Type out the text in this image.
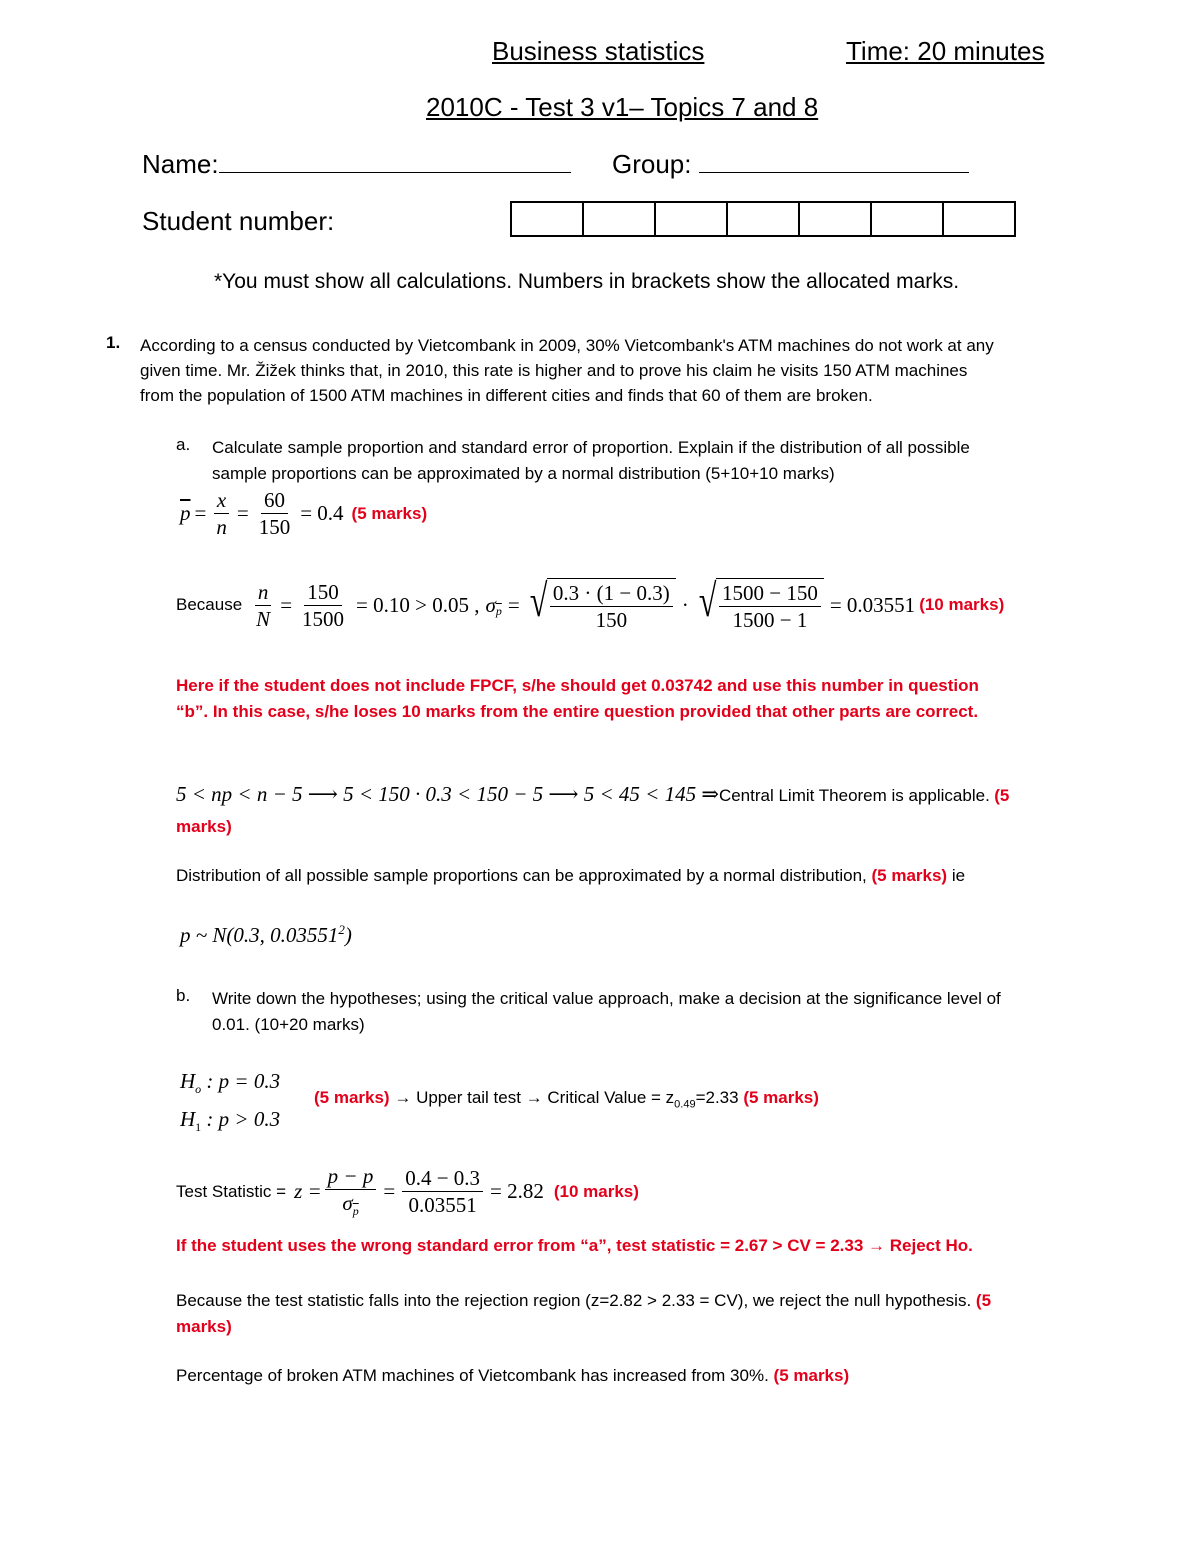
Business statistics	Time: 20 minutes
2010C - Test 3 v1– Topics 7 and 8
Name:	Group:
Student number:

*You must show all calculations. Numbers in brackets show the allocated marks.
1. According to a census conducted by Vietcombank in 2009, 30% Vietcombank's ATM machines do not work at any
given time. Mr. Žižek thinks that, in 2010, this rate is higher and to prove his claim he visits 150 ATM machines
from the population of 1500 ATM machines in different cities and finds that 60 of them are broken.
a. Calculate sample proportion and standard error of proportion. Explain if the distribution of all possible
sample proportions can be approximated by a normal distribution (5+10+10 marks)
$\overline{p} = \frac{x}{n} = \frac{60}{150} = 0.4$ (5 marks)
Because $\frac{n}{N} = \frac{150}{1500} = 0.10 > 0.05$ , $\sigma_{\overline{p}}$ = √ $\frac{0.3 \cdot (1 - 0.3)}{150}$ · √ $\frac{1500 - 150}{1500 - 1} = 0.03551$ (10 marks)
Here if the student does not include FPCF, s/he should get 0.03742 and use this number in question
“b”. In this case, s/he loses 10 marks from the entire question provided that other parts are correct.
5 < np < n − 5 ⟶ 5 < 150 · 0.3 < 150 − 5 ⟶ 5 < 45 < 145 ⇒Central Limit Theorem is applicable. (5
marks)
Distribution of all possible sample proportions can be approximated by a normal distribution, (5 marks) ie
p ~ N(0.3, 0.03551$^2$)
b. Write down the hypotheses; using the critical value approach, make a decision at the significance level of
0.01. (10+20 marks)
$H_o$ : p = 0.3
$H_1$ : p > 0.3
(5 marks) → Upper tail test → Critical Value = $z_{0.49}=2.33$ (5 marks)
Test Statistic = $z = \frac{p - p}{\sigma_{\overline{p}}} = \frac{0.4 - 0.3}{0.03551} = 2.82$ (10 marks)
If the student uses the wrong standard error from “a”, test statistic = 2.67 > CV = 2.33 → Reject Ho.
Because the test statistic falls into the rejection region (z=2.82 > 2.33 = CV), we reject the null hypothesis. (5
marks)
Percentage of broken ATM machines of Vietcombank has increased from 30%. (5 marks)
